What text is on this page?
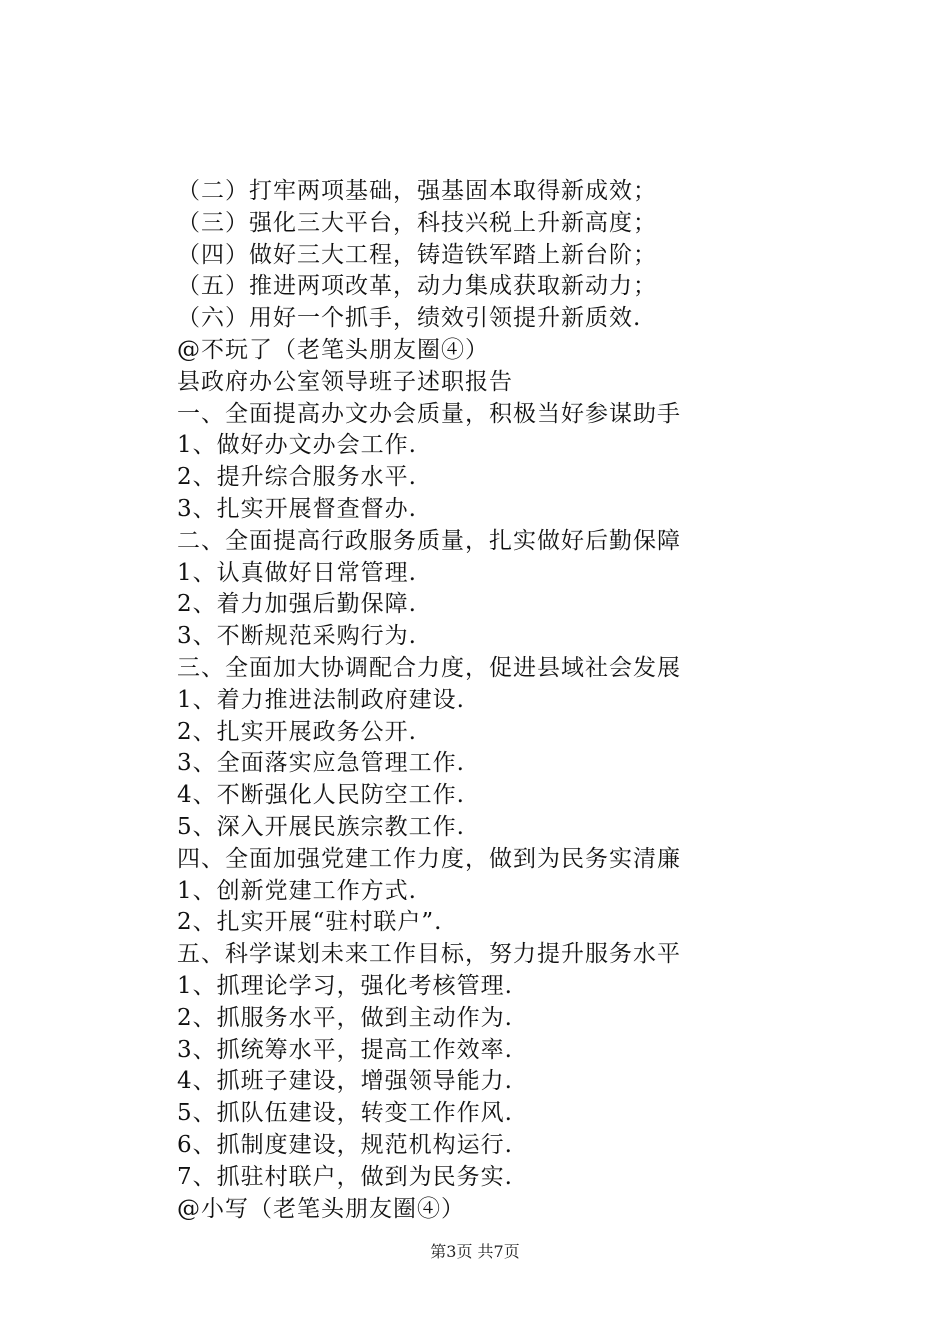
（二）打牢两项基础，强基固本取得新成效；
（三）强化三大平台，科技兴税上升新高度；
（四）做好三大工程，铸造铁军踏上新台阶；
（五）推进两项改革，动力集成获取新动力；
（六）用好一个抓手，绩效引领提升新质效.
@不玩了（老笔头朋友圈④）
县政府办公室领导班子述职报告
一、全面提高办文办会质量，积极当好参谋助手
1、做好办文办会工作.
2、提升综合服务水平.
3、扎实开展督查督办.
二、全面提高行政服务质量，扎实做好后勤保障
1、认真做好日常管理.
2、着力加强后勤保障.
3、不断规范采购行为.
三、全面加大协调配合力度，促进县域社会发展
1、着力推进法制政府建设.
2、扎实开展政务公开.
3、全面落实应急管理工作.
4、不断强化人民防空工作.
5、深入开展民族宗教工作.
四、全面加强党建工作力度，做到为民务实清廉
1、创新党建工作方式.
2、扎实开展“驻村联户”.
五、科学谋划未来工作目标，努力提升服务水平
1、抓理论学习，强化考核管理.
2、抓服务水平，做到主动作为.
3、抓统筹水平，提高工作效率.
4、抓班子建设，增强领导能力.
5、抓队伍建设，转变工作作风.
6、抓制度建设，规范机构运行.
7、抓驻村联户，做到为民务实.
@小写（老笔头朋友圈④）
第3页 共7页
